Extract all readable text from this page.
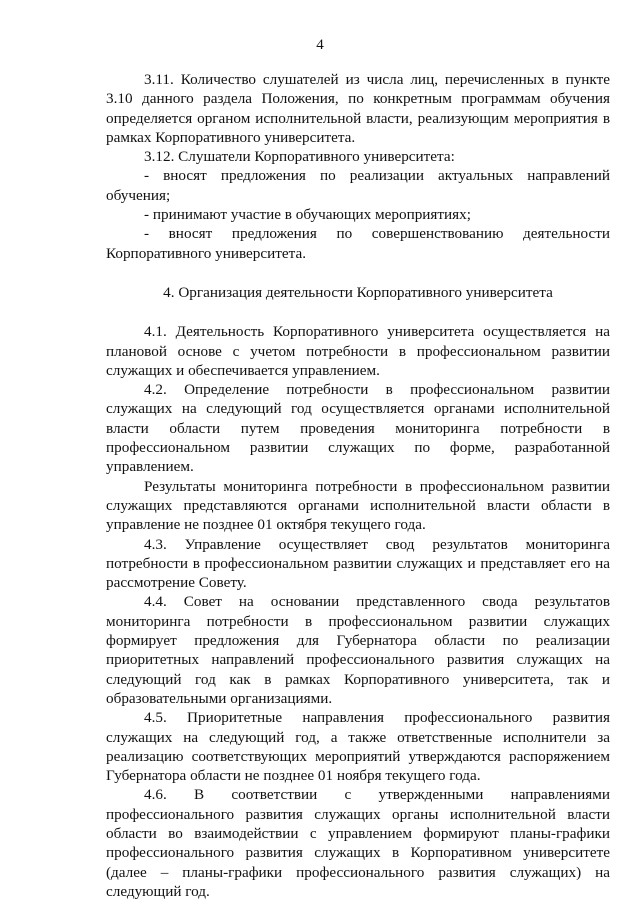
4

3.11. Количество слушателей из числа лиц, перечисленных в пункте 3.10 данного раздела Положения, по конкретным программам обучения определяется органом исполнительной власти, реализующим мероприятия в рамках Корпоративного университета.

3.12. Слушатели Корпоративного университета:

- вносят предложения по реализации актуальных направлений обучения;

- принимают участие в обучающих мероприятиях;

- вносят предложения по совершенствованию деятельности Корпоративного университета.

4. Организация деятельности Корпоративного университета

4.1. Деятельность Корпоративного университета осуществляется на плановой основе с учетом потребности в профессиональном развитии служащих и обеспечивается управлением.

4.2. Определение потребности в профессиональном развитии служащих на следующий год осуществляется органами исполнительной власти области путем проведения мониторинга потребности в профессиональном развитии служащих по форме, разработанной управлением.

Результаты мониторинга потребности в профессиональном развитии служащих представляются органами исполнительной власти области в управление не позднее 01 октября текущего года.

4.3. Управление осуществляет свод результатов мониторинга потребности в профессиональном развитии служащих и представляет его на рассмотрение Совету.

4.4. Совет на основании представленного свода результатов мониторинга потребности в профессиональном развитии служащих формирует предложения для Губернатора области по реализации приоритетных направлений профессионального развития служащих на следующий год как в рамках Корпоративного университета, так и образовательными организациями.

4.5. Приоритетные направления профессионального развития служащих на следующий год, а также ответственные исполнители за реализацию соответствующих мероприятий утверждаются распоряжением Губернатора области не позднее 01 ноября текущего года.

4.6. В соответствии с утвержденными направлениями профессионального развития служащих органы исполнительной власти области во взаимодействии с управлением формируют планы-графики профессионального развития служащих в Корпоративном университете (далее – планы-графики профессионального развития служащих) на следующий год.
